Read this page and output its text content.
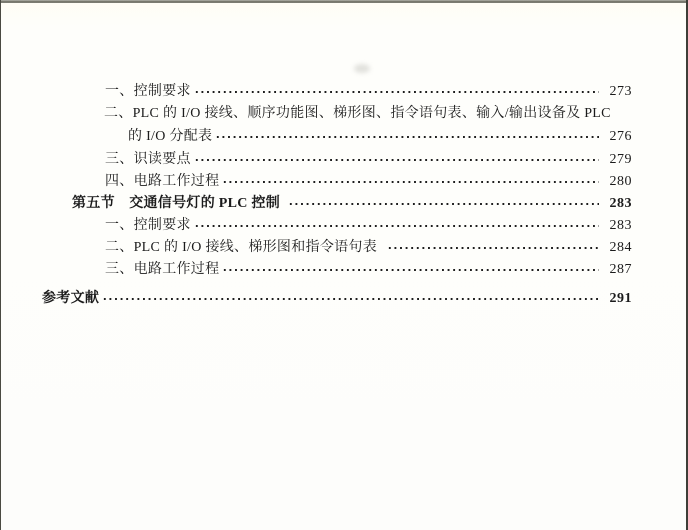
一、控制要求	273
二、PLC 的 I/O 接线、顺序功能图、梯形图、指令语句表、输入/输出设备及 PLC
的 I/O 分配表	276
三、识读要点	279
四、电路工作过程	280
第五节　交通信号灯的 PLC 控制	283
一、控制要求	283
二、PLC 的 I/O 接线、梯形图和指令语句表	284
三、电路工作过程	287
参考文献	291
